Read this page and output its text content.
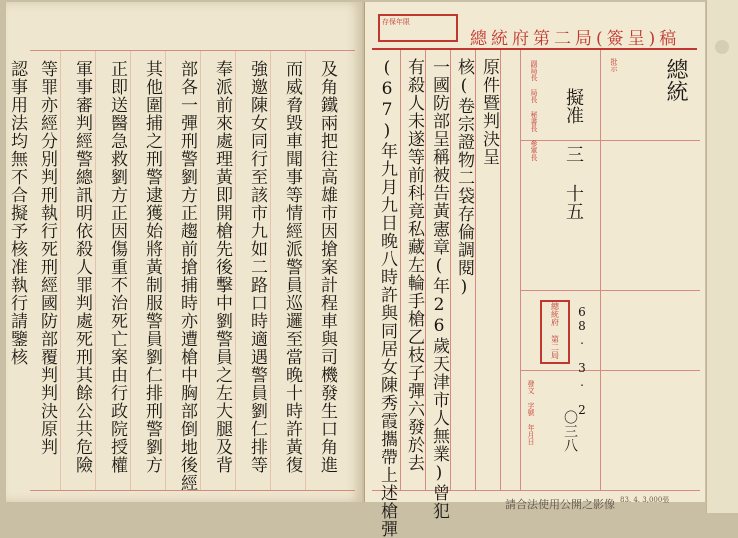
及角鐵兩把往高雄市因搶案計程車與司機發生口角進
而威脅毀車聞事等情經派警員巡邏至當晚十時許黃復
強邀陳女同行至該市九如二路口時適遇警員劉仁排等
奉派前來處理黃即開槍先後擊中劉警員之左大腿及背
部各一彈刑警劉方正趨前搶捕時亦遭槍中胸部倒地後經
其他圍捕之刑警逮獲始將黃制服警員劉仁排刑警劉方
正即送醫急救劉方正因傷重不治死亡案由行政院授權
軍事審判經警總訊明依殺人罪判處死刑其餘公共危險
等罪亦經分別判刑執行死刑經國防部覆判判決原判
認事用法均無不合擬予核准執行請鑒核
總統府第二局(簽呈)稿
存保年限
原件暨判決呈
核(卷宗證物二袋存倫調閱)
一國防部呈稱被告黃憲章(年26歲天津市人無業)曾犯
有殺人未遂等前科竟私藏左輪手槍乙枝子彈六發於去
(67)年九月九日晚八時許與同居女陳秀霞攜帶上述槍彈	總統
批示
擬准 三 十五
副局長 局長 秘書長 參軍長
總統府 第二局	68. 3. 2
發文 字號 年月日 〇三八
83. 4. 3,000張
請合法使用公開之影像
